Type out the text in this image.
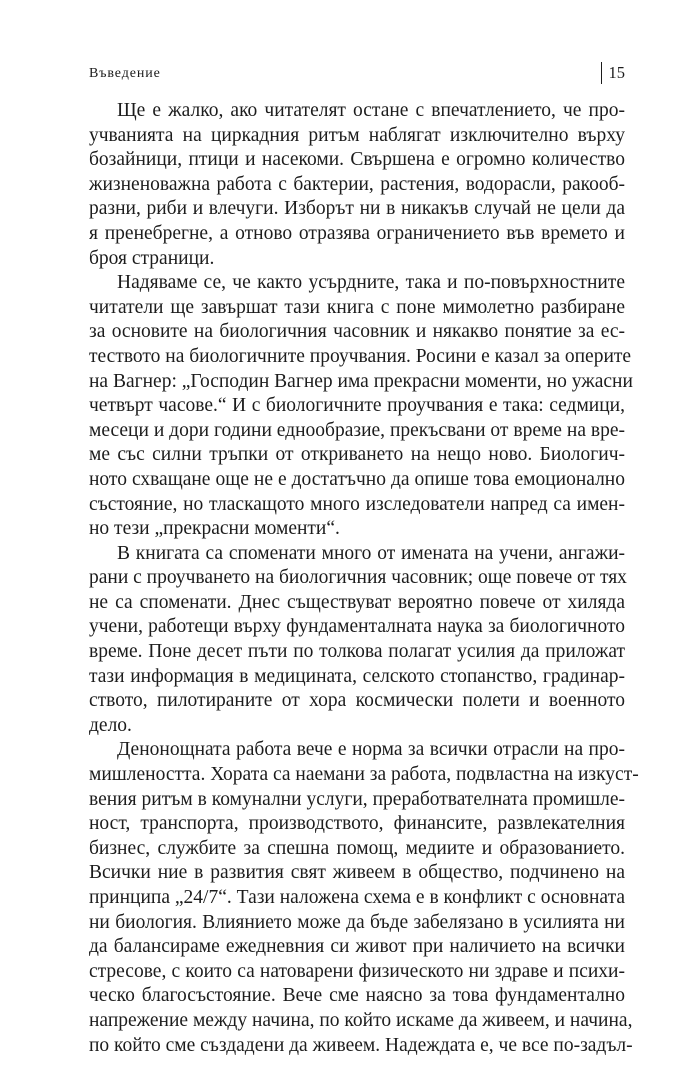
Въведение	15
Ще е жалко, ако читателят остане с впечатлението, че про-
учванията на циркадния ритъм наблягат изключително върху
бозайници, птици и насекоми. Свършена е огромно количество
жизненоважна работа с бактерии, растения, водорасли, ракооб-
разни, риби и влечуги. Изборът ни в никакъв случай не цели да
я пренебрегне, а отново отразява ограничението във времето и
броя страници.
Надяваме се, че както усърдните, така и по-повърхностните
читатели ще завършат тази книга с поне мимолетно разбиране
за основите на биологичния часовник и някакво понятие за ес-
теството на биологичните проучвания. Росини е казал за оперите
на Вагнер: „Господин Вагнер има прекрасни моменти, но ужасни
четвърт часове.“ И с биологичните проучвания е така: седмици,
месеци и дори години еднообразие, прекъсвани от време на вре-
ме със силни тръпки от откриването на нещо ново. Биологич-
ното схващане още не е достатъчно да опише това емоционално
състояние, но тласкащото много изследователи напред са имен-
но тези „прекрасни моменти“.
В книгата са споменати много от имената на учени, ангажи-
рани с проучването на биологичния часовник; още повече от тях
не са споменати. Днес съществуват вероятно повече от хиляда
учени, работещи върху фундаменталната наука за биологичното
време. Поне десет пъти по толкова полагат усилия да приложат
тази информация в медицината, селското стопанство, градинар-
ството, пилотираните от хора космически полети и военното
дело.
Денонощната работа вече е норма за всички отрасли на про-
мишлеността. Хората са наемани за работа, подвластна на изкуст-
вения ритъм в комунални услуги, преработвателната промишле-
ност, транспорта, производството, финансите, развлекателния
бизнес, службите за спешна помощ, медиите и образованието.
Всички ние в развития свят живеем в общество, подчинено на
принципа „24/7“. Тази наложена схема е в конфликт с основната
ни биология. Влиянието може да бъде забелязано в усилията ни
да балансираме ежедневния си живот при наличието на всички
стресове, с които са натоварени физическото ни здраве и психи-
ческо благосъстояние. Вече сме наясно за това фундаментално
напрежение между начина, по който искаме да живеем, и начина,
по който сме създадени да живеем. Надеждата е, че все по-задъл-
